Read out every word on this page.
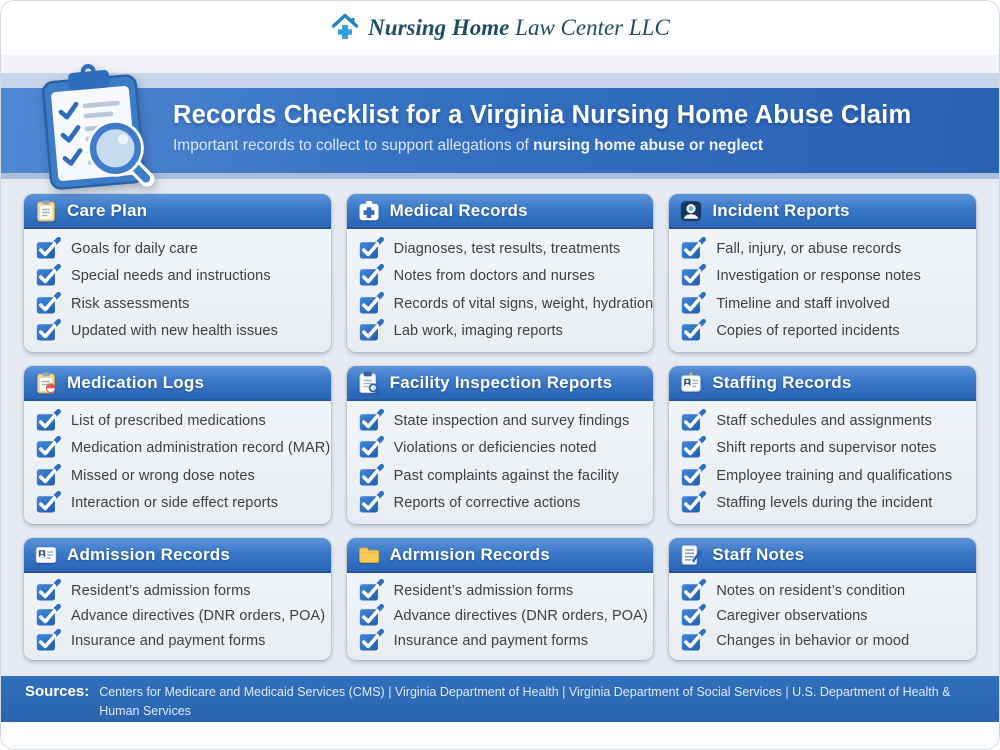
Nursing Home Law Center LLC
Records Checklist for a Virginia Nursing Home Abuse Claim
Important records to collect to support allegations of nursing home abuse or neglect
Care Plan
Goals for daily care
Special needs and instructions
Risk assessments
Updated with new health issues
Medical Records
Diagnoses, test results, treatments
Notes from doctors and nurses
Records of vital signs, weight, hydration
Lab work, imaging reports
Incident Reports
Fall, injury, or abuse records
Investigation or response notes
Timeline and staff involved
Copies of reported incidents
Medication Logs
List of prescribed medications
Medication administration record (MAR)
Missed or wrong dose notes
Interaction or side effect reports
Facility Inspection Reports
State inspection and survey findings
Violations or deficiencies noted
Past complaints against the facility
Reports of corrective actions
Staffing Records
Staff schedules and assignments
Shift reports and supervisor notes
Employee training and qualifications
Staffing levels during the incident
Admission Records
Resident’s admission forms
Advance directives (DNR orders, POA)
Insurance and payment forms
Adrmısion Records
Resident’s admission forms
Advance directives (DNR orders, POA)
Insurance and payment forms
Staff Notes
Notes on resident’s condition
Caregiver observations
Changes in behavior or mood
Sources: Centers for Medicare and Medicaid Services (CMS) | Virginia Department of Health | Virginia Department of Social Services | U.S. Department of Health & Human Services
